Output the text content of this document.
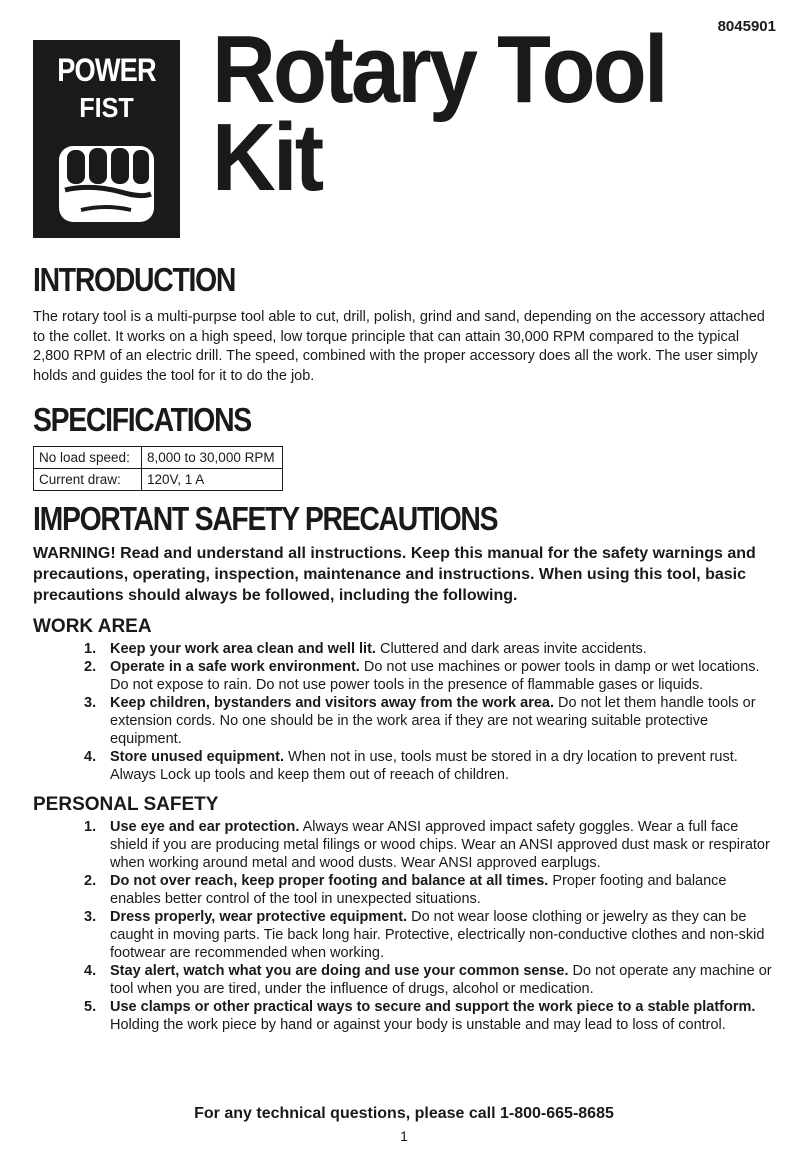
8045901
POWER
FIST Rotary Tool
Kit
INTRODUCTION

The rotary tool is a multi-purpse tool able to cut, drill, polish, grind and sand, depending on the accessory attached to the collet. It works on a high speed, low torque principle that can attain 30,000 RPM compared to the typical 2,800 RPM of an electric drill. The speed, combined with the proper accessory does all the work. The user simply holds and guides the tool for it to do the job.

SPECIFICATIONS
No load speed:	8,000 to 30,000 RPM
Current draw:	120V, 1 A
IMPORTANT SAFETY PRECAUTIONS

WARNING! Read and understand all instructions. Keep this manual for the safety warnings and precautions, operating, inspection, maintenance and instructions. When using this tool, basic precautions should always be followed, including the following.

WORK AREA
1. Keep your work area clean and well lit. Cluttered and dark areas invite accidents.
2. Operate in a safe work environment. Do not use machines or power tools in damp or wet locations. Do not expose to rain. Do not use power tools in the presence of flammable gases or liquids.
3. Keep children, bystanders and visitors away from the work area. Do not let them handle tools or extension cords. No one should be in the work area if they are not wearing suitable protective equipment.
4. Store unused equipment. When not in use, tools must be stored in a dry location to prevent rust. Always Lock up tools and keep them out of reeach of children.
PERSONAL SAFETY
1. Use eye and ear protection. Always wear ANSI approved impact safety goggles. Wear a full face shield if you are producing metal filings or wood chips. Wear an ANSI approved dust mask or respirator when working around metal and wood dusts. Wear ANSI approved earplugs.
2. Do not over reach, keep proper footing and balance at all times. Proper footing and balance enables better control of the tool in unexpected situations.
3. Dress properly, wear protective equipment. Do not wear loose clothing or jewelry as they can be caught in moving parts. Tie back long hair. Protective, electrically non-conductive clothes and non-skid footwear are recommended when working.
4. Stay alert, watch what you are doing and use your common sense. Do not operate any machine or tool when you are tired, under the influence of drugs, alcohol or medication.
5. Use clamps or other practical ways to secure and support the work piece to a stable platform. Holding the work piece by hand or against your body is unstable and may lead to loss of control.
For any technical questions, please call 1-800-665-8685
1
